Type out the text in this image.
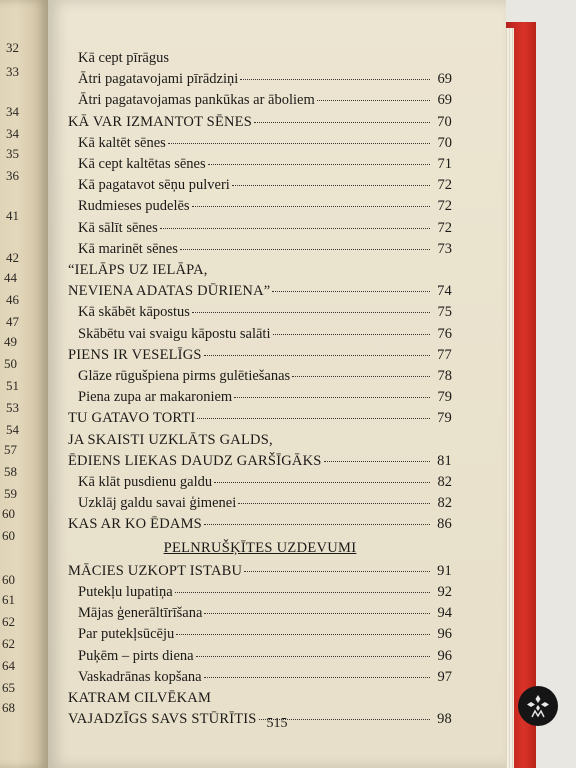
32
33
34
34
35
36
41
42
44
46
47
49
50
51
53
54
57
58
59
60
60
60
61
62
62
64
65
68
Kā cept pīrāgus
Ātri pagatavojami pīrādziņi	69
Ātri pagatavojamas pankūkas ar āboliem	69
KĀ VAR IZMANTOT SĒNES	70
Kā kaltēt sēnes	70
Kā cept kaltētas sēnes	71
Kā pagatavot sēņu pulveri	72
Rudmieses pudelēs	72
Kā sālīt sēnes	72
Kā marinēt sēnes	73
“IELĀPS UZ IELĀPA,
NEVIENA ADATAS DŪRIENA”	74
Kā skābēt kāpostus	75
Skābētu vai svaigu kāpostu salāti	76
PIENS IR VESELĪGS	77
Glāze rūgušpiena pirms gulētiešanas	78
Piena zupa ar makaroniem	79
TU GATAVO TORTI	79
JA SKAISTI UZKLĀTS GALDS,
ĒDIENS LIEKAS DAUDZ GARŠĪGĀKS	81
Kā klāt pusdienu galdu	82
Uzklāj galdu savai ģimenei	82
KAS AR KO ĒDAMS	86
PELNRUŠĶĪTES UZDEVUMI
MĀCIES UZKOPT ISTABU	91
Putekļu lupatiņa	92
Mājas ģenerāltīrīšana	94
Par putekļsūcēju	96
Puķēm – pirts diena	96
Vaskadrānas kopšana	97
KATRAM CILVĒKAM
VAJADZĪGS SAVS STŪRĪTIS	98
515
